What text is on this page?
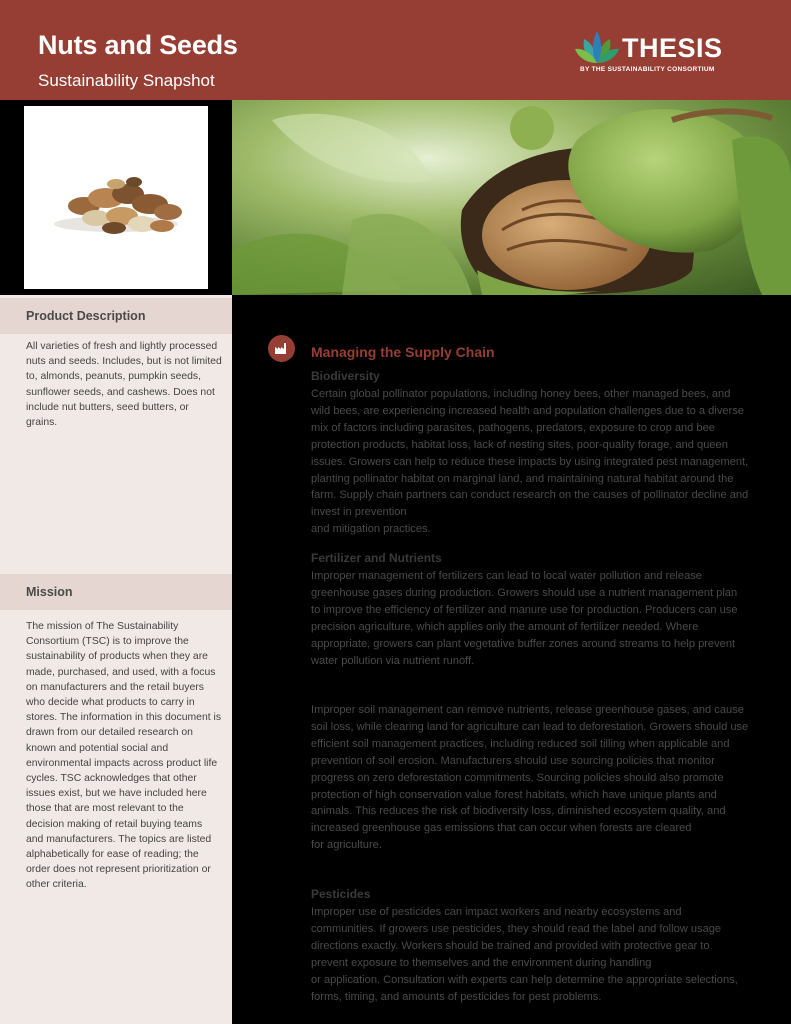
Nuts and Seeds
Sustainability Snapshot
THESIS
BY THE SUSTAINABILITY CONSORTIUM
Product Description
All varieties of fresh and lightly processed nuts and seeds. Includes, but is not limited to, almonds, peanuts, pumpkin seeds, sunflower seeds, and cashews. Does not include nut butters, seed butters, or grains.
Mission
The mission of The Sustainability Consortium (TSC) is to improve the sustainability of products when they are made, purchased, and used, with a focus on manufacturers and the retail buyers who decide what products to carry in stores. The information in this document is drawn from our detailed research on known and potential social and environmental impacts across product life cycles. TSC acknowledges that other issues exist, but we have included here those that are most relevant to the decision making of retail buying teams and manufacturers. The topics are listed alphabetically for ease of reading; the order does not represent prioritization or other criteria.
Managing the Supply Chain
Biodiversity
Certain global pollinator populations, including honey bees, other managed bees, and wild bees, are experiencing increased health and population challenges due to a diverse mix of factors including parasites, pathogens, predators, exposure to crop and bee protection products, habitat loss, lack of nesting sites, poor-quality forage, and queen issues. Growers can help to reduce these impacts by using integrated pest management, planting pollinator habitat on marginal land, and maintaining natural habitat around the farm. Supply chain partners can conduct research on the causes of pollinator decline and invest in prevention
and mitigation practices.
Fertilizer and Nutrients
Improper management of fertilizers can lead to local water pollution and release greenhouse gases during production. Growers should use a nutrient management plan to improve the efficiency of fertilizer and manure use for production. Producers can use precision agriculture, which applies only the amount of fertilizer needed. Where appropriate, growers can plant vegetative buffer zones around streams to help prevent water pollution via nutrient runoff.
Improper soil management can remove nutrients, release greenhouse gases, and cause soil loss, while clearing land for agriculture can lead to deforestation. Growers should use efficient soil management practices, including reduced soil tilling when applicable and prevention of soil erosion. Manufacturers should use sourcing policies that monitor progress on zero deforestation commitments. Sourcing policies should also promote protection of high conservation value forest habitats, which have unique plants and animals. This reduces the risk of biodiversity loss, diminished ecosystem quality, and increased greenhouse gas emissions that can occur when forests are cleared
for agriculture.
Pesticides
Improper use of pesticides can impact workers and nearby ecosystems and communities. If growers use pesticides, they should read the label and follow usage directions exactly. Workers should be trained and provided with protective gear to prevent exposure to themselves and the environment during handling
or application. Consultation with experts can help determine the appropriate selections, forms, timing, and amounts of pesticides for pest problems.
